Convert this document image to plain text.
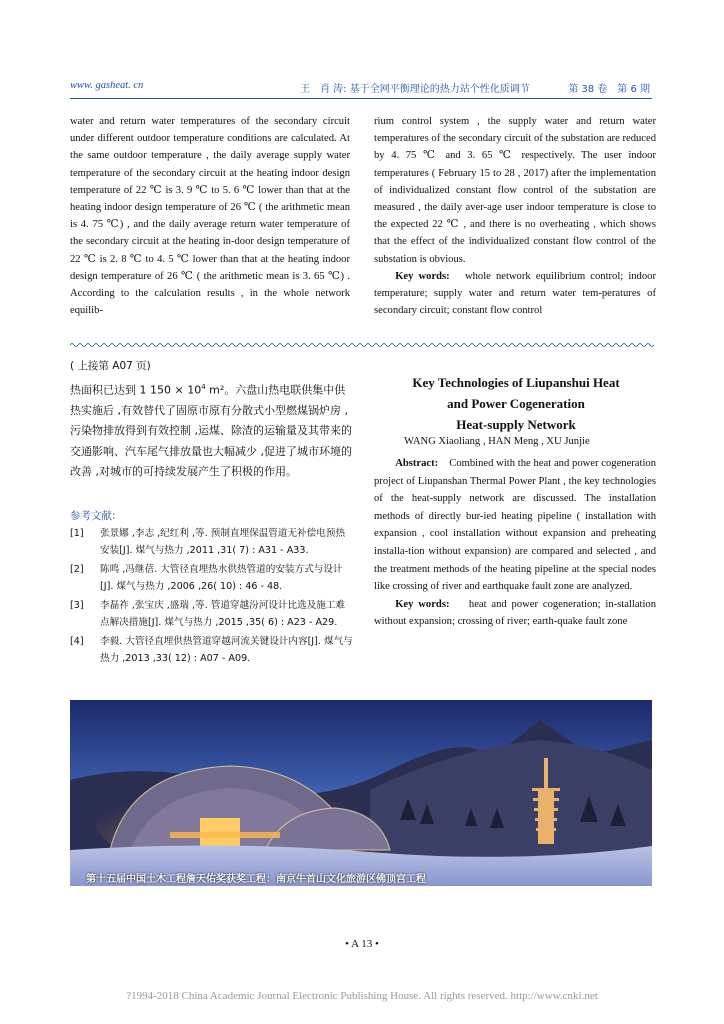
www. gasheat. cn	王　肖 涛: 基于全网平衡理论的热力站个性化质调节	第 38 卷　第 6 期

water and return water temperatures of the secondary circuit under different outdoor temperature conditions are calculated. At the same outdoor temperature , the daily average supply water temperature of the secondary circuit at the heating indoor design temperature of 22 ℃ is 3. 9 ℃ to 5. 6 ℃ lower than that at the heating indoor design temperature of 26 ℃ ( the arithmetic mean is 4. 75 ℃) , and the daily average return water temperature of the secondary circuit at the heating in-door design temperature of 22 ℃ is 2. 8 ℃ to 4. 5 ℃ lower than that at the heating indoor design temperature of 26 ℃ ( the arithmetic mean is 3. 65 ℃) . According to the calculation results , in the whole network equilib-

rium control system , the supply water and return water temperatures of the secondary circuit of the substation are reduced by 4. 75 ℃ and 3. 65 ℃ respectively. The user indoor temperatures ( February 15 to 28 , 2017) after the implementation of individualized constant flow control of the substation are measured , the daily aver-age user indoor temperature is close to the expected 22 ℃ , and there is no overheating , which shows that the effect of the individualized constant flow control of the substation is obvious.

Key words: whole network equilibrium control; indoor temperature; supply water and return water tem-peratures of secondary circuit; constant flow control

( 上接第 A07 页)
热面积已达到 1 $150 \times 10^4$ m²。六盘山热电联供集中供热实施后 ,有效替代了固原市原有分散式小型燃煤锅炉房 ,污染物排放得到有效控制 ,运煤、除渣的运输量及其带来的交通影响、汽车尾气排放量也大幅减少 ,促进了城市环境的改善 ,对城市的可持续发展产生了积极的作用。
参考文献:
[1] 张景娜 ,李志 ,纪红利 ,等. 预制直埋保温管道无补偿电预热安装[J]. 煤气与热力 ,2011 ,31( 7) : A31 - A33.
[2] 陈鸣 ,冯继蓓. 大管径直埋热水供热管道的安装方式与设计[J]. 煤气与热力 ,2006 ,26( 10) : 46 - 48.
[3] 李磊祚 ,张宝庆 ,盛瑞 ,等. 管道穿越汾河设计比选及施工难点解决措施[J]. 煤气与热力 ,2015 ,35( 6) : A23 - A29.
[4] 李毅. 大管径直埋供热管道穿越河流关键设计内容[J]. 煤气与热力 ,2013 ,33( 12) : A07 - A09.
Key Technologies of Liupanshui Heat
and Power Cogeneration
Heat-supply Network
WANG Xiaoliang , HAN Meng , XU Junjie

Abstract: Combined with the heat and power cogeneration project of Liupanshan Thermal Power Plant , the key technologies of the heat-supply network are discussed. The installation methods of directly bur-ied heating pipeline ( installation with expansion , cool installation without expansion and preheating installa-tion without expansion) are compared and selected , and the treatment methods of the heating pipeline at the special nodes like crossing of river and earthquake fault zone are analyzed.

Key words: heat and power cogeneration; in-stallation without expansion; crossing of river; earth-quake fault zone

第十五届中国土木工程詹天佑奖获奖工程：南京牛首山文化旅游区佛顶宫工程
• A 13 •
?1994-2018 China Academic Journal Electronic Publishing House. All rights reserved. http://www.cnki.net
